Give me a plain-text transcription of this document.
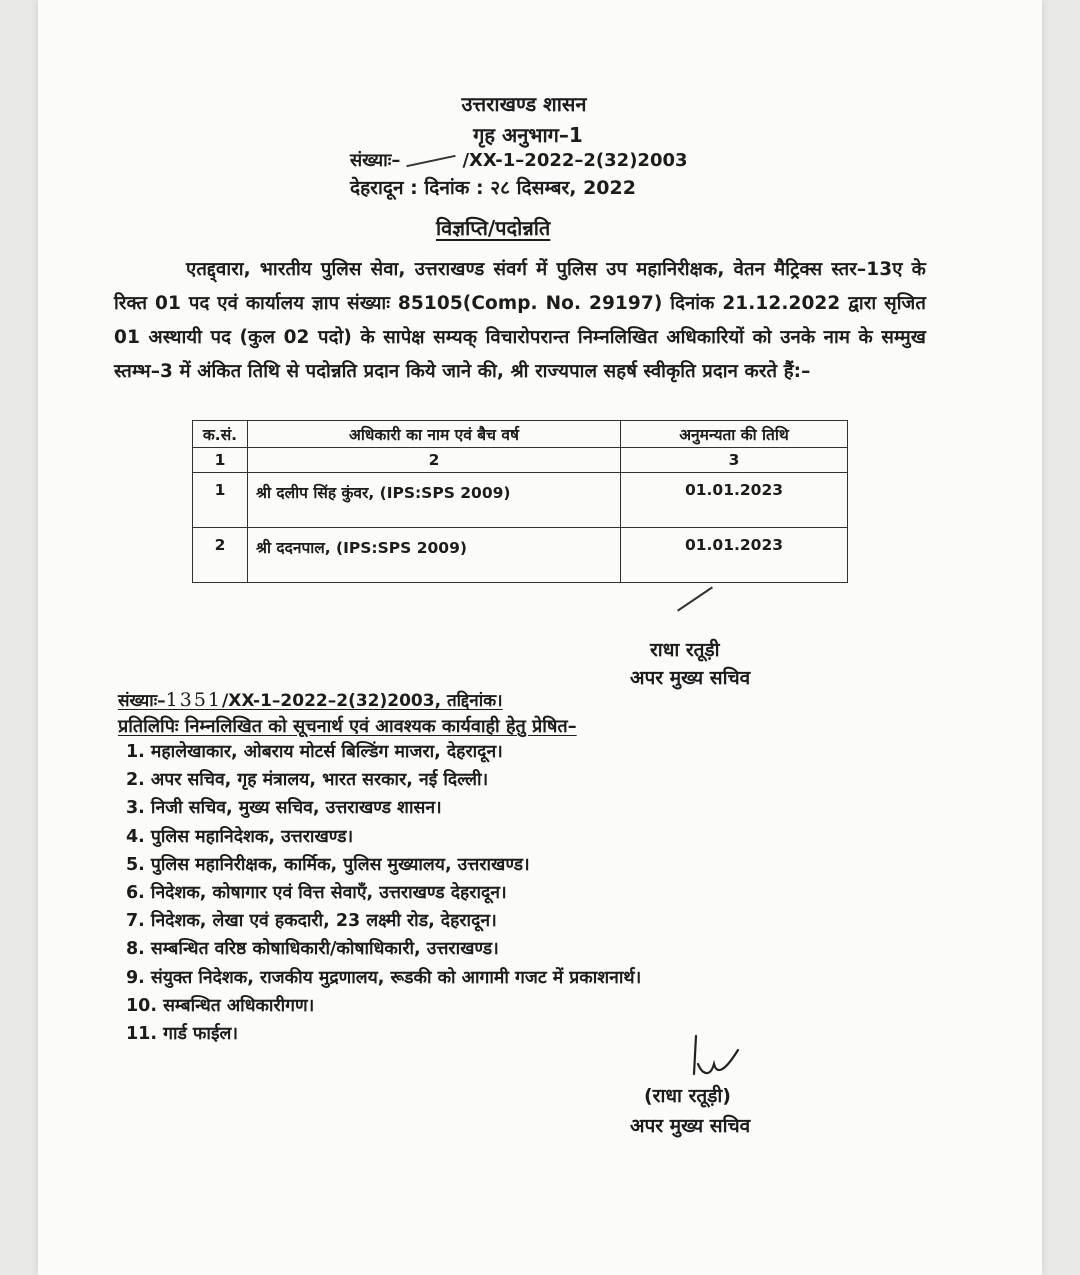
उत्तराखण्ड शासन
गृह अनुभाग–1
संख्याः–	/XX-1–2022–2(32)2003
देहरादून : दिनांक : २८ दिसम्बर, 2022
विज्ञप्ति/पदोन्नति
एतद्द्वारा, भारतीय पुलिस सेवा, उत्तराखण्ड संवर्ग में पुलिस उप महानिरीक्षक, वेतन मैट्रिक्स स्तर–13ए के रिक्त 01 पद एवं कार्यालय ज्ञाप संख्याः 85105(Comp. No. 29197) दिनांक 21.12.2022 द्वारा सृजित 01 अस्थायी पद (कुल 02 पदो) के सापेक्ष सम्यक् विचारोपरान्त निम्नलिखित अधिकारियों को उनके नाम के सम्मुख स्तम्भ–3 में अंकित तिथि से पदोन्नति प्रदान किये जाने की, श्री राज्यपाल सहर्ष स्वीकृति प्रदान करते हैं:–
क.सं.	अधिकारी का नाम एवं बैच वर्ष	अनुमन्यता की तिथि
1	2	3
1	श्री दलीप सिंह कुंवर, (IPS:SPS 2009)	01.01.2023
2	श्री ददनपाल, (IPS:SPS 2009)	01.01.2023
राधा रतूड़ी
अपर मुख्य सचिव
संख्याः–1351/XX-1–2022–2(32)2003, तद्दिनांक।
प्रतिलिपिः निम्नलिखित को सूचनार्थ एवं आवश्यक कार्यवाही हेतु प्रेषित–
1. महालेखाकार, ओबराय मोटर्स बिल्डिंग माजरा, देहरादून।
2. अपर सचिव, गृह मंत्रालय, भारत सरकार, नई दिल्ली।
3. निजी सचिव, मुख्य सचिव, उत्तराखण्ड शासन।
4. पुलिस महानिदेशक, उत्तराखण्ड।
5. पुलिस महानिरीक्षक, कार्मिक, पुलिस मुख्यालय, उत्तराखण्ड।
6. निदेशक, कोषागार एवं वित्त सेवाएँ, उत्तराखण्ड देहरादून।
7. निदेशक, लेखा एवं हकदारी, 23 लक्ष्मी रोड, देहरादून।
8. सम्बन्धित वरिष्ठ कोषाधिकारी/कोषाधिकारी, उत्तराखण्ड।
9. संयुक्त निदेशक, राजकीय मुद्रणालय, रूडकी को आगामी गजट में प्रकाशनार्थ।
10. सम्बन्धित अधिकारीगण।
11. गार्ड फाईल।
(राधा रतूड़ी)
अपर मुख्य सचिव
